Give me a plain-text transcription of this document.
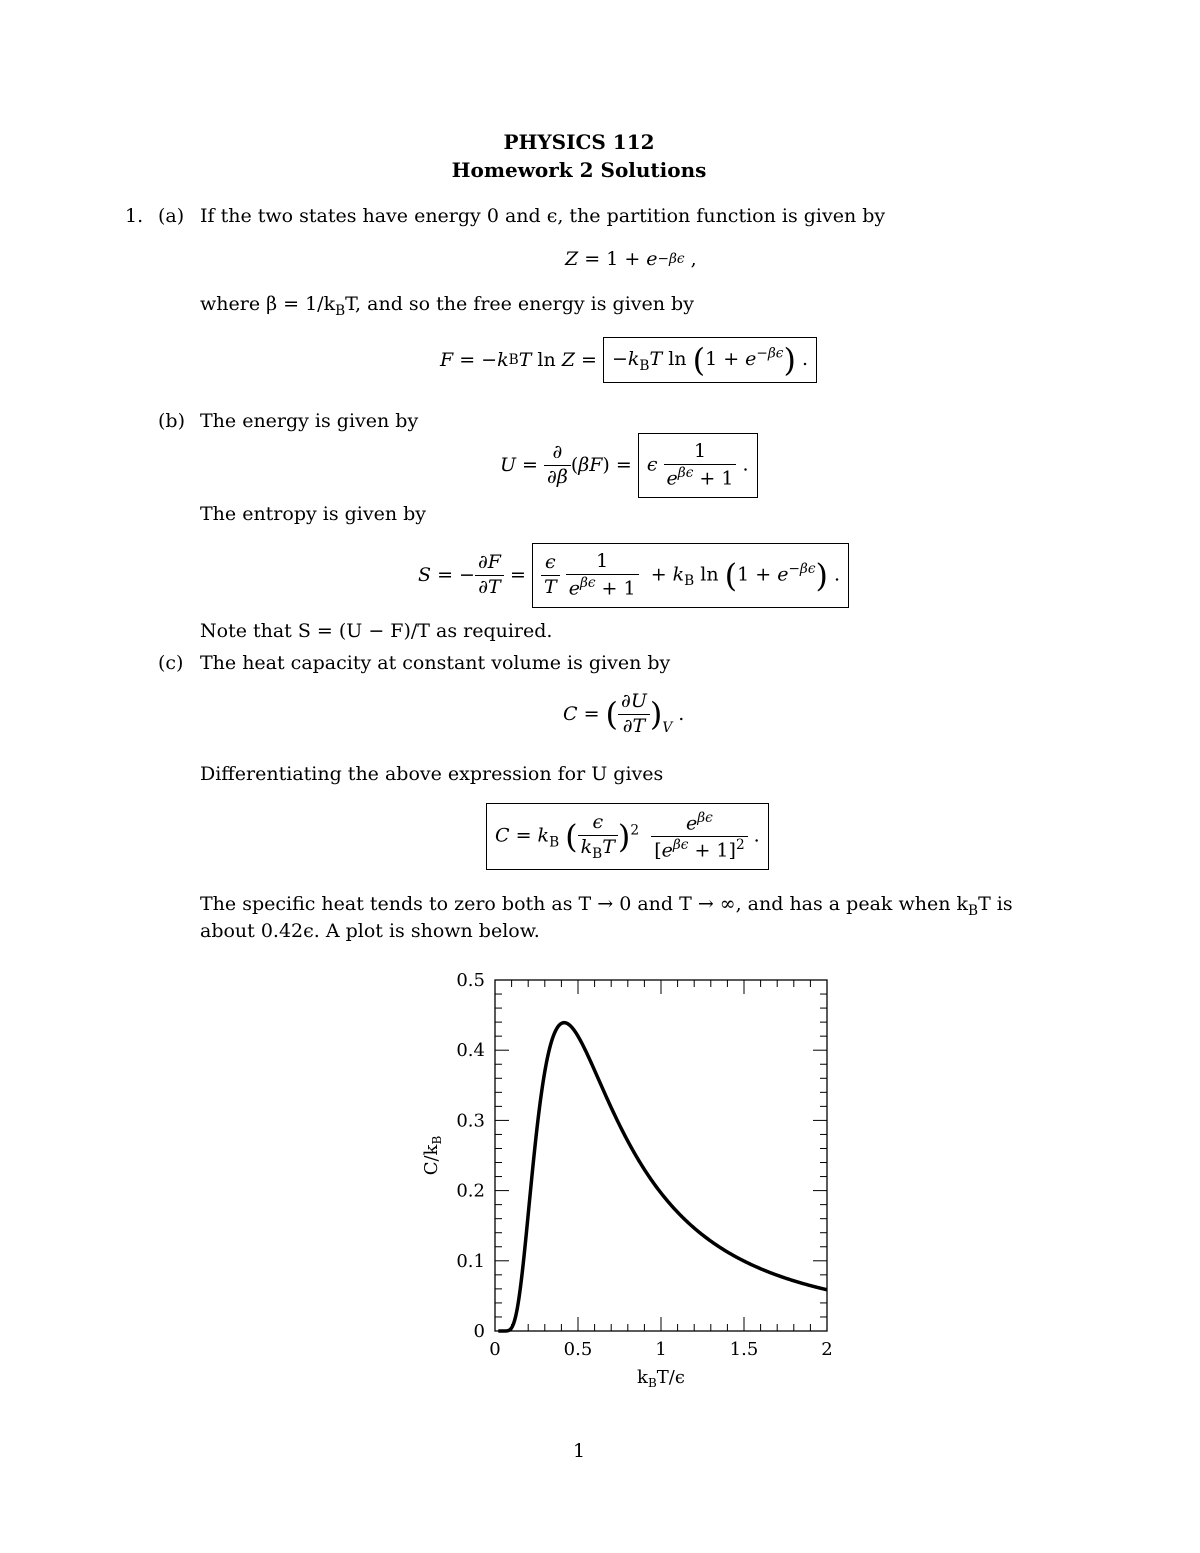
PHYSICS 112
Homework 2 Solutions
1. (a) If the two states have energy 0 and ϵ, the partition function is given by
Z = 1 + e −βϵ ,
where $\beta = 1/k_BT$, and so the free energy is given by
F = − k B T $\ln Z = -k_BT$ $\ln (1 + e^{-\beta\epsilon})$ .
(b) The energy is given by
$U = \frac{\partial}{\partial\beta}$ ( βF ) = ϵ $\frac{1}{e^{\beta\epsilon} + 1}$ .
The entropy is given by
S = − $\frac{\partial F}{\partial T} = \frac{\epsilon}{T}$
$\frac{1}{e^{\beta\epsilon} + 1} + k_B$ $\ln (1 + e^{-\beta\epsilon})$ .
Note that S = (U − F)/T as required.
(c) The heat capacity at constant volume is given by
C = ( $\frac{\partial U}{\partial T} )_V$
.
Differentiating the above expression for U gives
$C = k_B$ ( $\frac{\epsilon}{k_BT} )^2 \frac{e^{\beta\epsilon}}{[e^{\beta\epsilon} + 1]^2}$ .
The specific heat tends to zero both as T → 0 and T → ∞, and has a peak when $k_BT$ is
about 0.42ϵ. A plot is shown below.
0	0.5	1	1.5	2
0
0.1
0.2
0.3
0.4
0.5
$k_BT/\epsilon$
$C/k_B$
1
